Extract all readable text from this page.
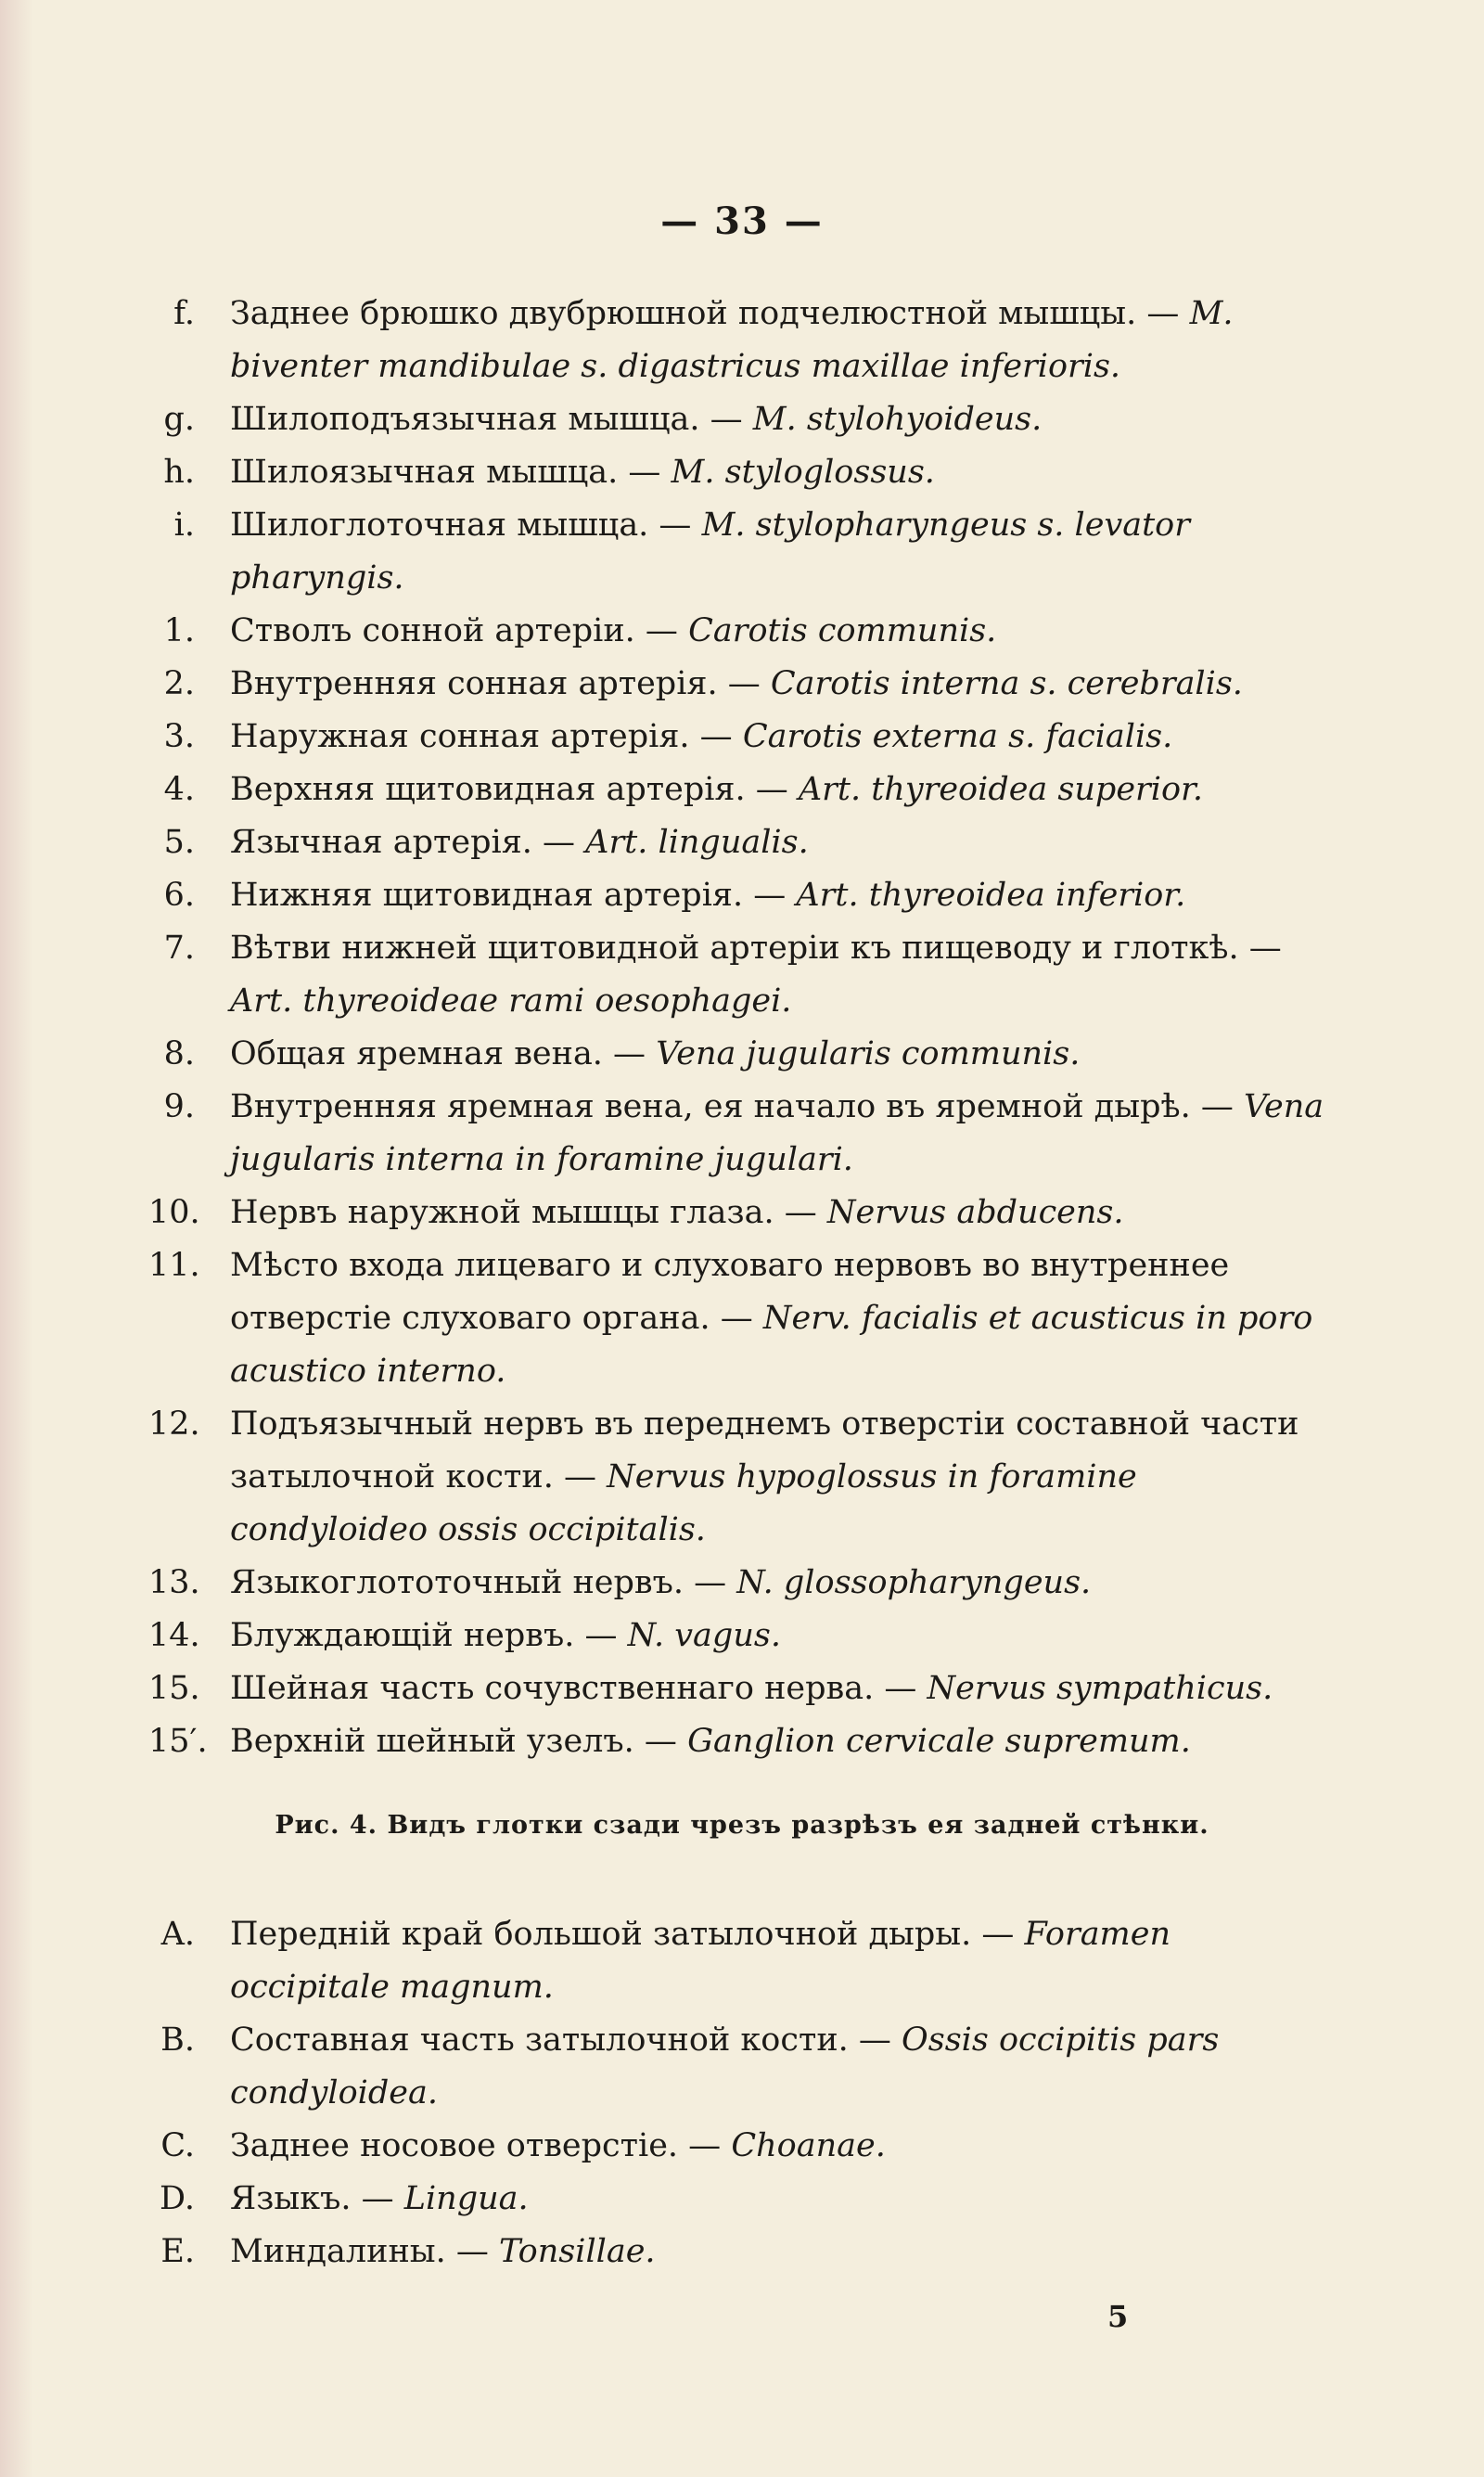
— 33 —
f. Заднее брюшко двубрюшной подчелюстной мышцы. — M. biventer mandibulae s. digastricus maxillae inferioris.
g. Шилоподъязычная мышца. — M. stylohyoideus.
h. Шилоязычная мышца. — M. styloglossus.
i. Шилоглоточная мышца. — M. stylopharyngeus s. levator pharyngis.
1. Стволъ сонной артеріи. — Carotis communis.
2. Внутренняя сонная артерія. — Carotis interna s. cerebralis.
3. Наружная сонная артерія. — Carotis externa s. facialis.
4. Верхняя щитовидная артерія. — Art. thyreoidea superior.
5. Язычная артерія. — Art. lingualis.
6. Нижняя щитовидная артерія. — Art. thyreoidea inferior.
7. Вѣтви нижней щитовидной артеріи къ пищеводу и глоткѣ. — Art. thyreoideae rami oesophagei.
8. Общая яремная вена. — Vena jugularis communis.
9. Внутренняя яремная вена, ея начало въ яремной дырѣ. — Vena jugularis interna in foramine jugulari.
10. Нервъ наружной мышцы глаза. — Nervus abducens.
11. Мѣсто входа лицеваго и слуховаго нервовъ во внутреннее отверстіе слуховаго органа. — Nerv. facialis et acusticus in poro acustico interno.
12. Подъязычный нервъ въ переднемъ отверстіи составной части затылочной кости. — Nervus hypoglossus in foramine condyloideo ossis occipitalis.
13. Языкоглототочный нервъ. — N. glossopharyngeus.
14. Блуждающій нервъ. — N. vagus.
15. Шейная часть сочувственнаго нерва. — Nervus sympathicus.
15′. Верхній шейный узелъ. — Ganglion cervicale supremum.
Рис. 4. Видъ глотки сзади чрезъ разрѣзъ ея задней стѣнки.
A. Передній край большой затылочной дыры. — Foramen occipitale magnum.
B. Составная часть затылочной кости. — Ossis occipitis pars condyloidea.
C. Заднее носовое отверстіе. — Choanae.
D. Языкъ. — Lingua.
E. Миндалины. — Tonsillae.
5
